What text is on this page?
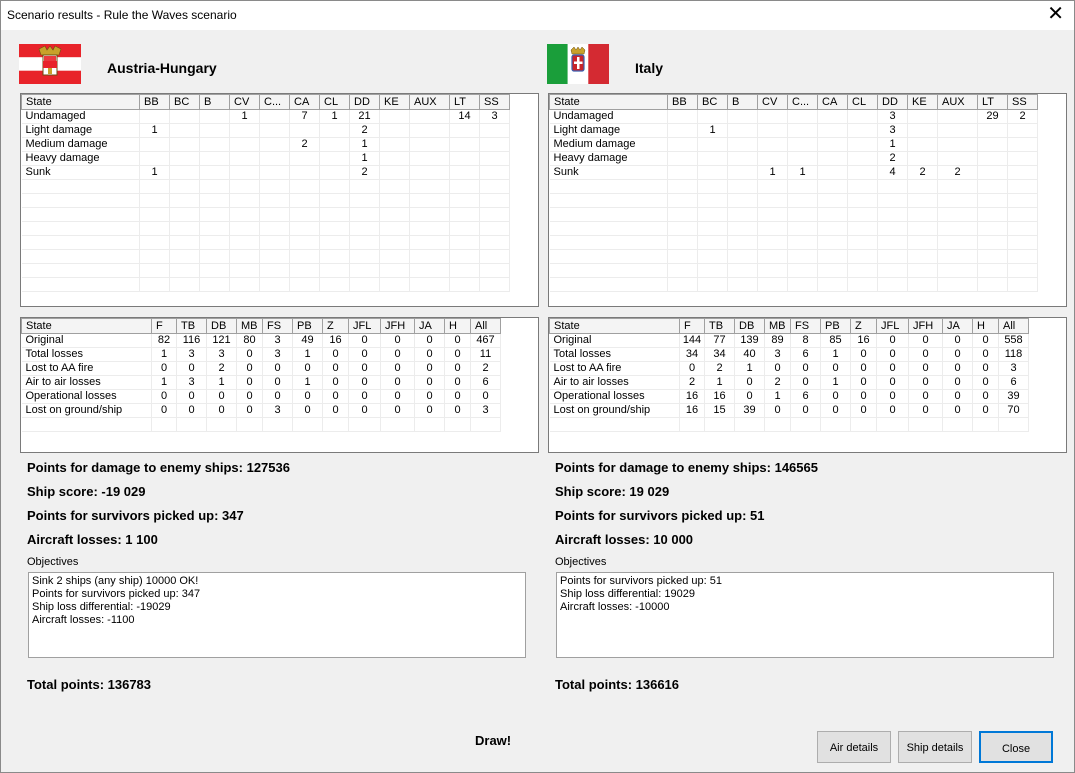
Scenario results - Rule the Waves scenario	✕
Austria-Hungary
State	BB	BC	B	CV	C...	CA	CL	DD	KE	AUX	LT	SS
Undamaged				1		7	1	21			14	3
Light damage	1							2				
Medium damage						2		1				
Heavy damage								1				
Sunk	1							2				

State	F	TB	DB	MB	FS	PB	Z	JFL	JFH	JA	H	All
Original	82	116	121	80	3	49	16	0	0	0	0	467
Total losses	1	3	3	0	3	1	0	0	0	0	0	11
Lost to AA fire	0	0	2	0	0	0	0	0	0	0	0	2
Air to air losses	1	3	1	0	0	1	0	0	0	0	0	6
Operational losses	0	0	0	0	0	0	0	0	0	0	0	0
Lost on ground/ship	0	0	0	0	3	0	0	0	0	0	0	3

Points for damage to enemy ships: 127536
Ship score: -19 029
Points for survivors picked up: 347
Aircraft losses: 1 100
Objectives
Sink 2 ships (any ship) 10000 OK!
Points for survivors picked up: 347
Ship loss differential: -19029
Aircraft losses: -1100
Total points: 136783
Italy
State	BB	BC	B	CV	C...	CA	CL	DD	KE	AUX	LT	SS
Undamaged								3			29	2
Light damage		1						3				
Medium damage								1				
Heavy damage								2				
Sunk				1	1			4	2	2		

State	F	TB	DB	MB	FS	PB	Z	JFL	JFH	JA	H	All
Original	144	77	139	89	8	85	16	0	0	0	0	558
Total losses	34	34	40	3	6	1	0	0	0	0	0	118
Lost to AA fire	0	2	1	0	0	0	0	0	0	0	0	3
Air to air losses	2	1	0	2	0	1	0	0	0	0	0	6
Operational losses	16	16	0	1	6	0	0	0	0	0	0	39
Lost on ground/ship	16	15	39	0	0	0	0	0	0	0	0	70

Points for damage to enemy ships: 146565
Ship score: 19 029
Points for survivors picked up: 51
Aircraft losses: 10 000
Objectives
Points for survivors picked up: 51
Ship loss differential: 19029
Aircraft losses: -10000
Total points: 136616
Draw!	Air details	Ship details	Close
